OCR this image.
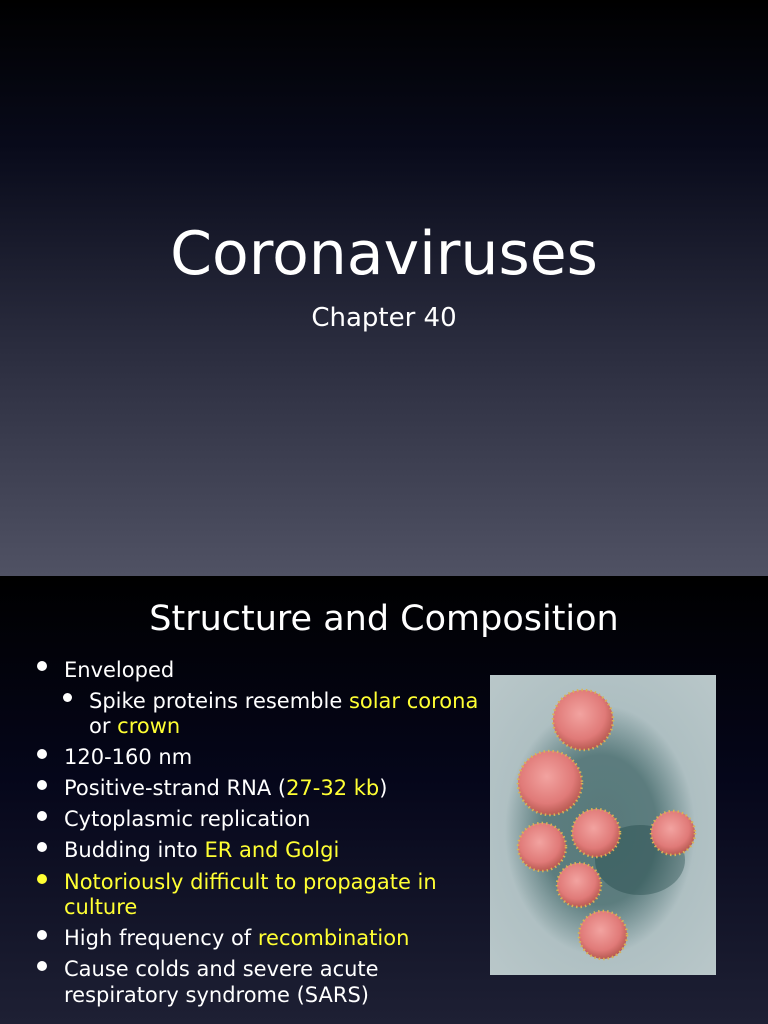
Coronaviruses
Chapter 40
Structure and Composition
Enveloped
Spike proteins resemble solar corona
or crown
120-160 nm
Positive-strand RNA (27-32 kb)
Cytoplasmic replication
Budding into ER and Golgi
Notoriously difficult to propagate in
culture
High frequency of recombination
Cause colds and severe acute
respiratory syndrome (SARS)
